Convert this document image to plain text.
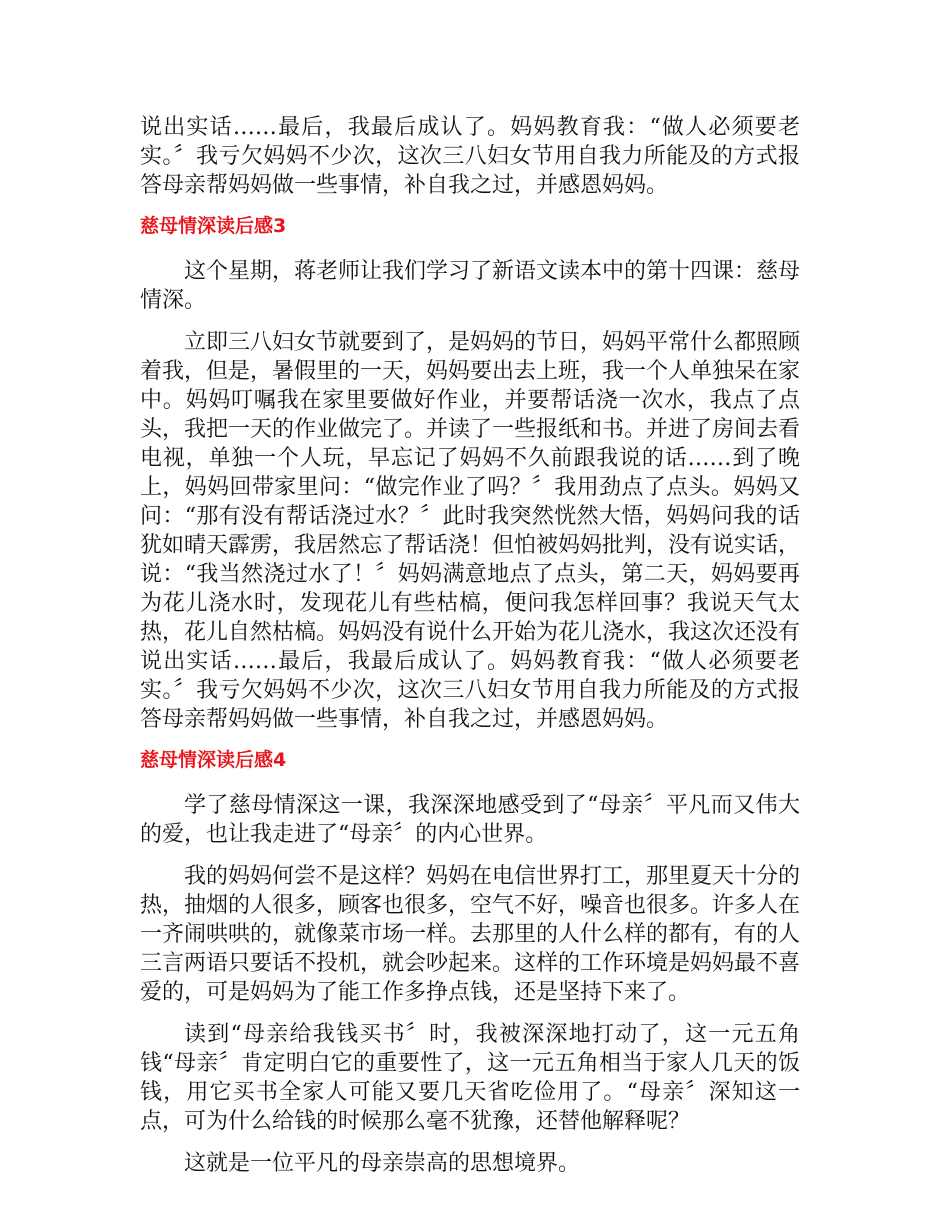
说出实话……最后，我最后成认了。妈妈教育我：“做人必须要老实。〞我亏欠妈妈不少次，这次三八妇女节用自我力所能及的方式报答母亲帮妈妈做一些事情，补自我之过，并感恩妈妈。

慈母情深读后感3

这个星期，蒋老师让我们学习了新语文读本中的第十四课：慈母情深。

立即三八妇女节就要到了，是妈妈的节日，妈妈平常什么都照顾着我，但是，暑假里的一天，妈妈要出去上班，我一个人单独呆在家中。妈妈叮嘱我在家里要做好作业，并要帮话浇一次水，我点了点头，我把一天的作业做完了。并读了一些报纸和书。并进了房间去看电视，单独一个人玩，早忘记了妈妈不久前跟我说的话……到了晚上，妈妈回带家里问：“做完作业了吗？〞我用劲点了点头。妈妈又问：“那有没有帮话浇过水？〞此时我突然恍然大悟，妈妈问我的话犹如晴天霹雳，我居然忘了帮话浇！但怕被妈妈批判，没有说实话，说：“我当然浇过水了！〞妈妈满意地点了点头，第二天，妈妈要再为花儿浇水时，发现花儿有些枯槁，便问我怎样回事？我说天气太热，花儿自然枯槁。妈妈没有说什么开始为花儿浇水，我这次还没有说出实话……最后，我最后成认了。妈妈教育我：“做人必须要老实。〞我亏欠妈妈不少次，这次三八妇女节用自我力所能及的方式报答母亲帮妈妈做一些事情，补自我之过，并感恩妈妈。

慈母情深读后感4

学了慈母情深这一课，我深深地感受到了“母亲〞平凡而又伟大的爱，也让我走进了“母亲〞的内心世界。

我的妈妈何尝不是这样？妈妈在电信世界打工，那里夏天十分的热，抽烟的人很多，顾客也很多，空气不好，噪音也很多。许多人在一齐闹哄哄的，就像菜市场一样。去那里的人什么样的都有，有的人三言两语只要话不投机，就会吵起来。这样的工作环境是妈妈最不喜爱的，可是妈妈为了能工作多挣点钱，还是坚持下来了。

读到“母亲给我钱买书〞时，我被深深地打动了，这一元五角钱“母亲〞肯定明白它的重要性了，这一元五角相当于家人几天的饭钱，用它买书全家人可能又要几天省吃俭用了。“母亲〞深知这一点，可为什么给钱的时候那么毫不犹豫，还替他解释呢？

这就是一位平凡的母亲崇高的思想境界。
